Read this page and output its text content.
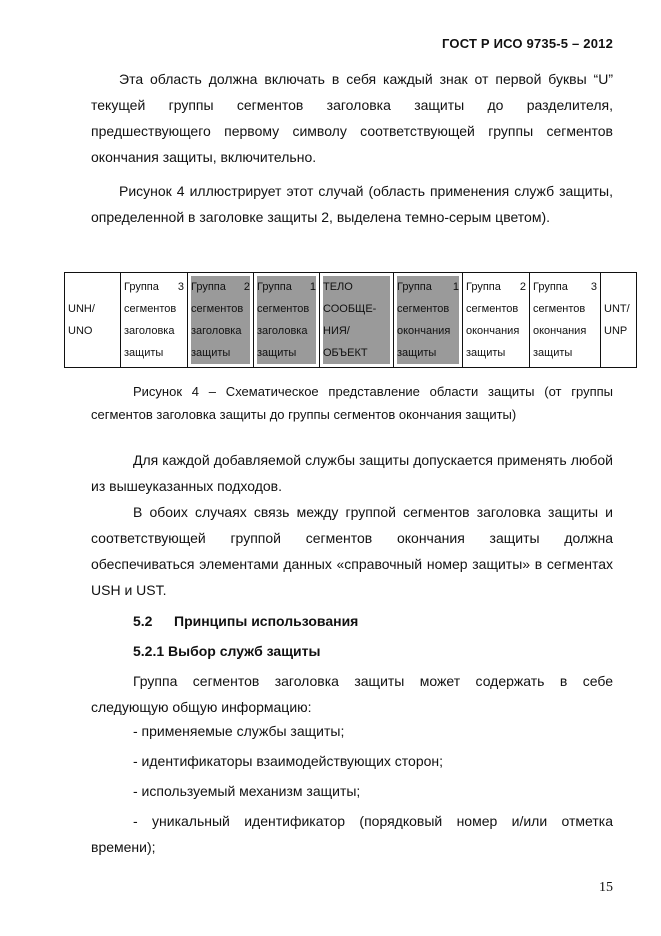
ГОСТ Р ИСО 9735-5 – 2012

Эта область должна включать в себя каждый знак от первой буквы “U” текущей группы сегментов заголовка защиты до разделителя, предшествующего первому символу соответствующей группы сегментов окончания защиты, включительно.

Рисунок 4 иллюстрирует этот случай (область применения служб защиты, определенной в заголовке защиты 2, выделена темно-серым цветом).

UNH/
UNO
Группа 3
сегментов
заголовка
защиты
Группа 2
сегментов
заголовка
защиты
Группа 1
сегментов
заголовка
защиты
ТЕЛО
СООБЩЕ-
НИЯ/
ОБЪЕКТ
Группа 1
сегментов
окончания
защиты
Группа 2
сегментов
окончания
защиты
Группа 3
сегментов
окончания
защиты
UNT/
UNP
Рисунок 4 – Схематическое представление области защиты (от группы сегментов заголовка защиты до группы сегментов окончания защиты)

Для каждой добавляемой службы защиты допускается применять любой из вышеуказанных подходов.

В обоих случаях связь между группой сегментов заголовка защиты и соответствующей группой сегментов окончания защиты должна обеспечиваться элементами данных «справочный номер защиты» в сегментах USH и UST.

5.2 Принципы использования
5.2.1 Выбор служб защиты

Группа сегментов заголовка защиты может содержать в себе следующую общую информацию:

- применяемые службы защиты;
- идентификаторы взаимодействующих сторон;
- используемый механизм защиты;
- уникальный идентификатор (порядковый номер и/или отметка времени);
15
